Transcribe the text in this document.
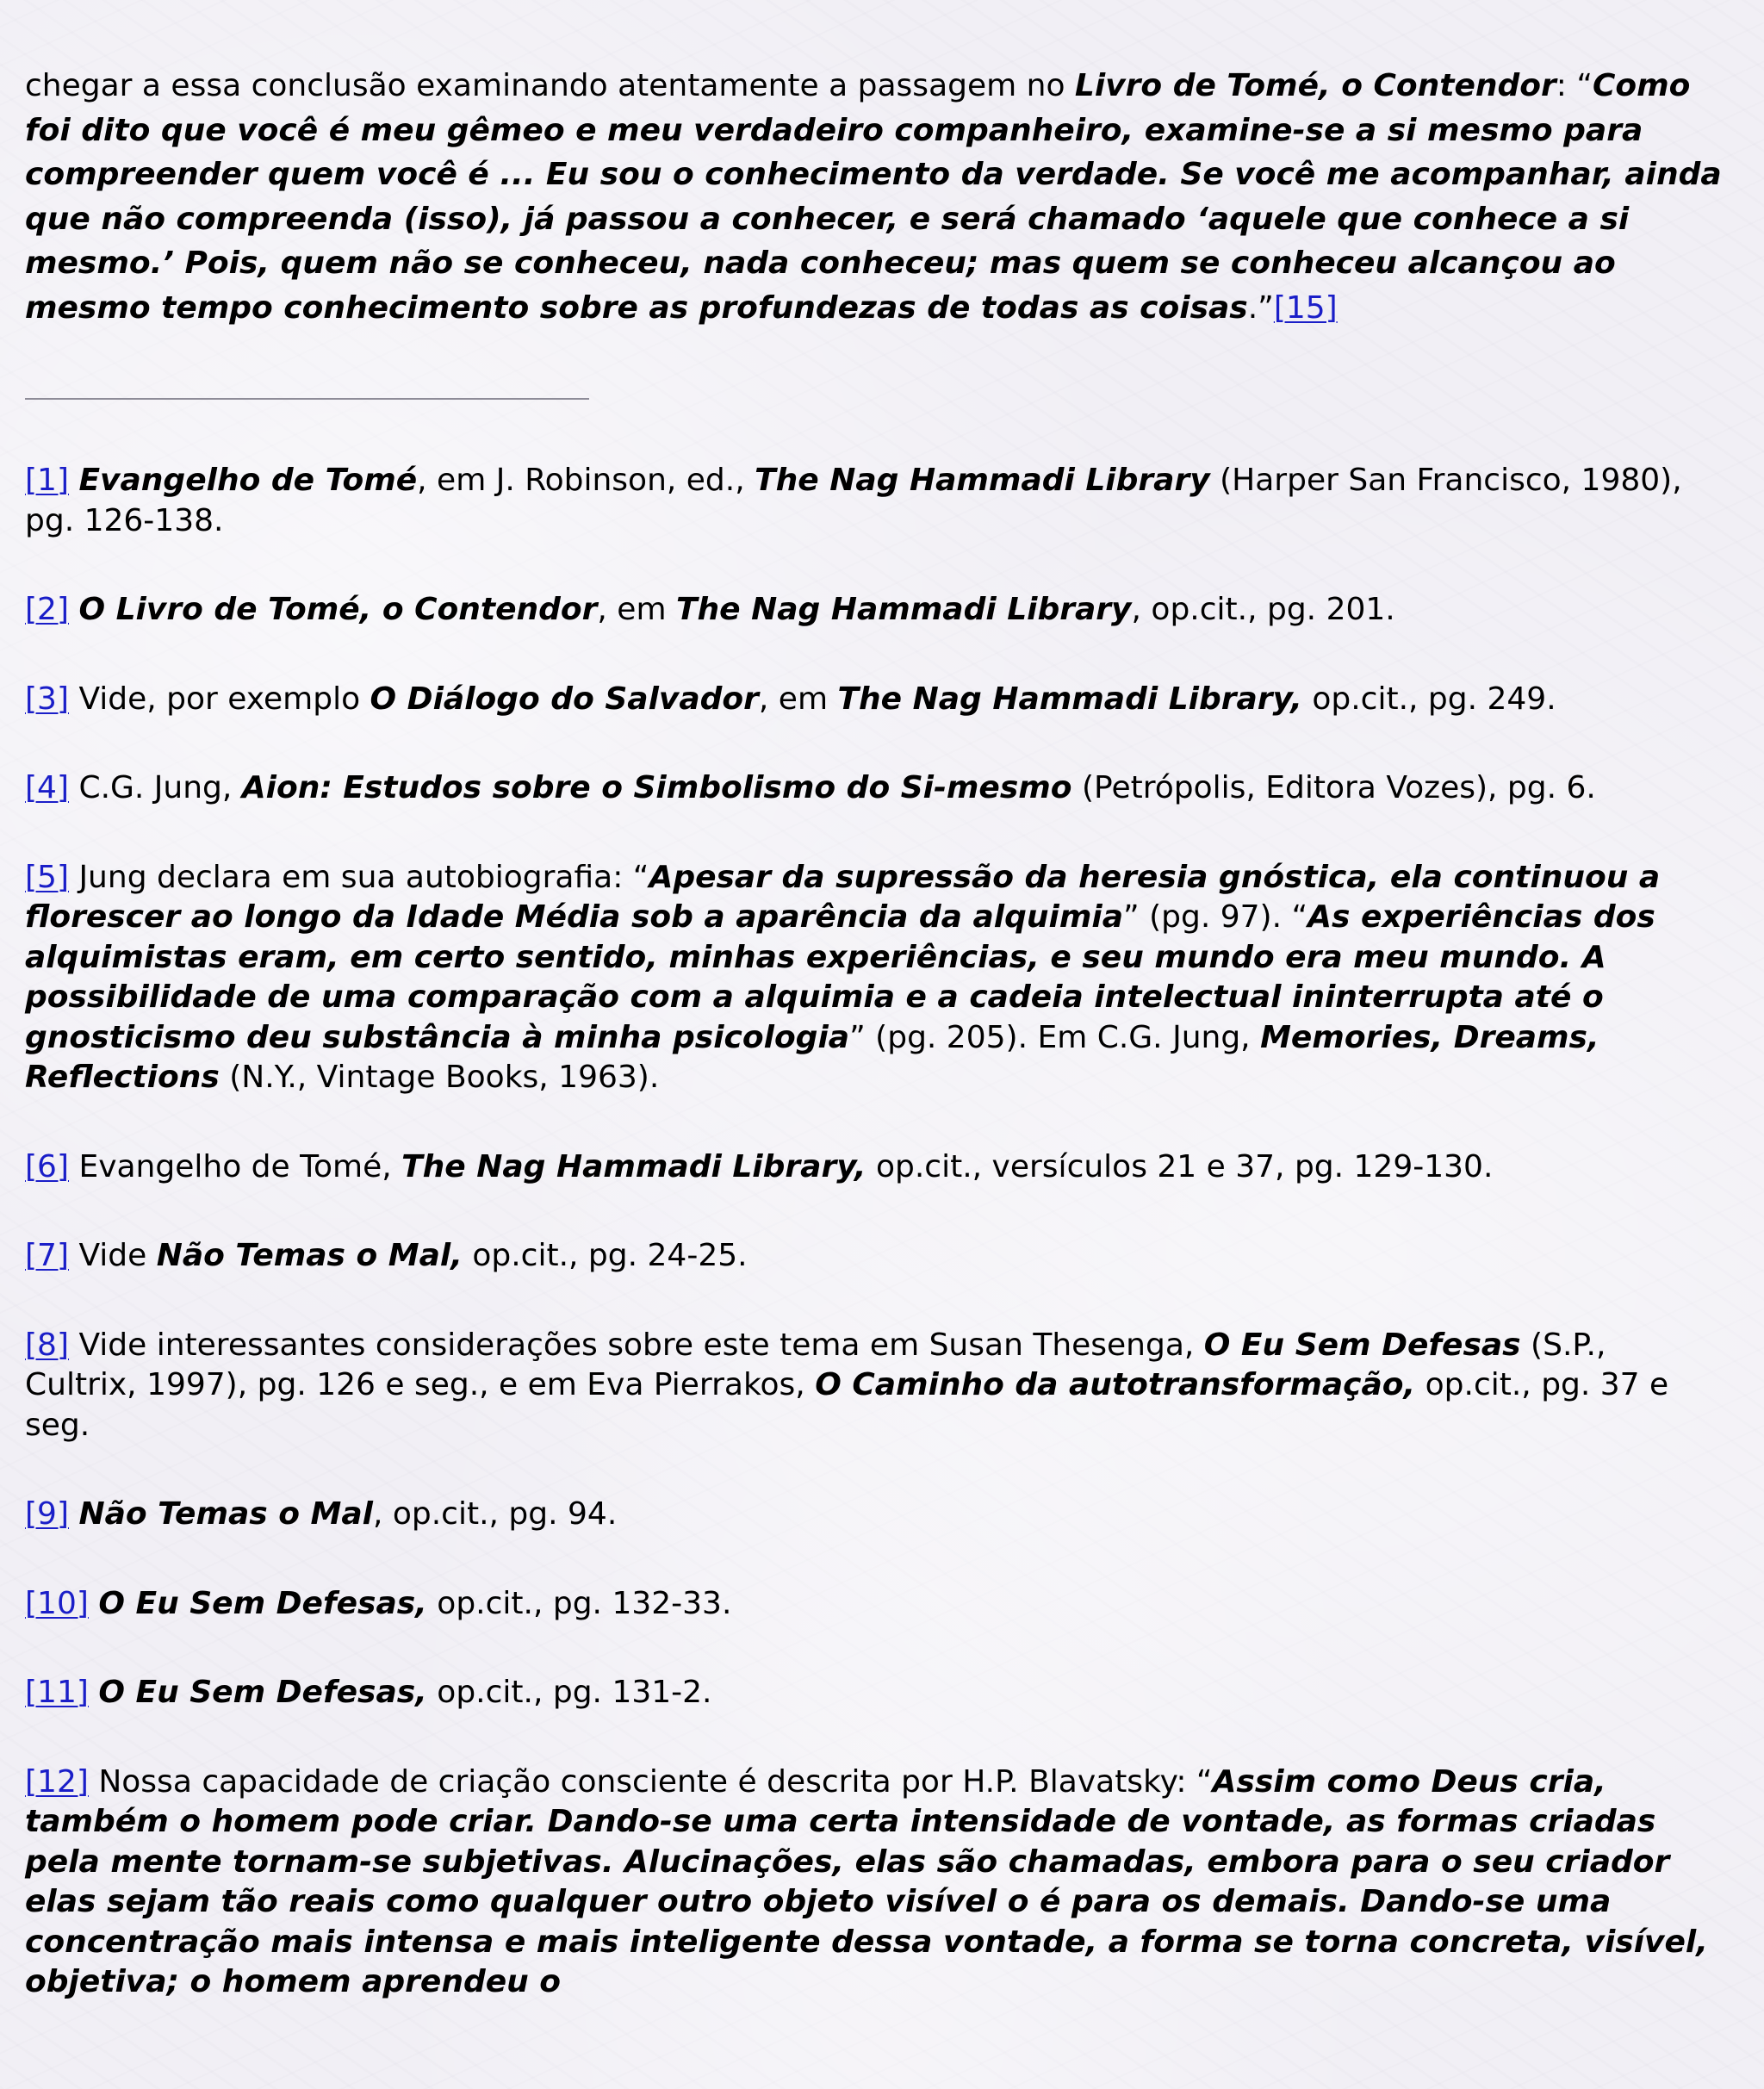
chegar a essa conclusão examinando atentamente a passagem no Livro de Tomé, o Contendor: “Como foi dito que você é meu gêmeo e meu verdadeiro companheiro, examine-se a si mesmo para compreender quem você é ... Eu sou o conhecimento da verdade. Se você me acompanhar, ainda que não compreenda (isso), já passou a conhecer, e será chamado ‘aquele que conhece a si mesmo.’ Pois, quem não se conheceu, nada conheceu; mas quem se conheceu alcançou ao mesmo tempo conhecimento sobre as profundezas de todas as coisas.”[15]

[1] Evangelho de Tomé, em J. Robinson, ed., The Nag Hammadi Library (Harper San Francisco, 1980), pg. 126-138.

[2] O Livro de Tomé, o Contendor, em The Nag Hammadi Library, op.cit., pg. 201.

[3] Vide, por exemplo O Diálogo do Salvador, em The Nag Hammadi Library, op.cit., pg. 249.

[4] C.G. Jung, Aion: Estudos sobre o Simbolismo do Si-mesmo (Petrópolis, Editora Vozes), pg. 6.

[5] Jung declara em sua autobiografia: “Apesar da supressão da heresia gnóstica, ela continuou a florescer ao longo da Idade Média sob a aparência da alquimia” (pg. 97). “As experiências dos alquimistas eram, em certo sentido, minhas experiências, e seu mundo era meu mundo. A possibilidade de uma comparação com a alquimia e a cadeia intelectual ininterrupta até o gnosticismo deu substância à minha psicologia” (pg. 205). Em C.G. Jung, Memories, Dreams, Reflections (N.Y., Vintage Books, 1963).

[6] Evangelho de Tomé, The Nag Hammadi Library, op.cit., versículos 21 e 37, pg. 129-130.

[7] Vide Não Temas o Mal, op.cit., pg. 24-25.

[8] Vide interessantes considerações sobre este tema em Susan Thesenga, O Eu Sem Defesas (S.P., Cultrix, 1997), pg. 126 e seg., e em Eva Pierrakos, O Caminho da autotransformação, op.cit., pg. 37 e seg.

[9] Não Temas o Mal, op.cit., pg. 94.

[10] O Eu Sem Defesas, op.cit., pg. 132-33.

[11] O Eu Sem Defesas, op.cit., pg. 131-2.

[12] Nossa capacidade de criação consciente é descrita por H.P. Blavatsky: “Assim como Deus cria, também o homem pode criar. Dando-se uma certa intensidade de vontade, as formas criadas pela mente tornam-se subjetivas. Alucinações, elas são chamadas, embora para o seu criador elas sejam tão reais como qualquer outro objeto visível o é para os demais. Dando-se uma concentração mais intensa e mais inteligente dessa vontade, a forma se torna concreta, visível, objetiva; o homem aprendeu o
